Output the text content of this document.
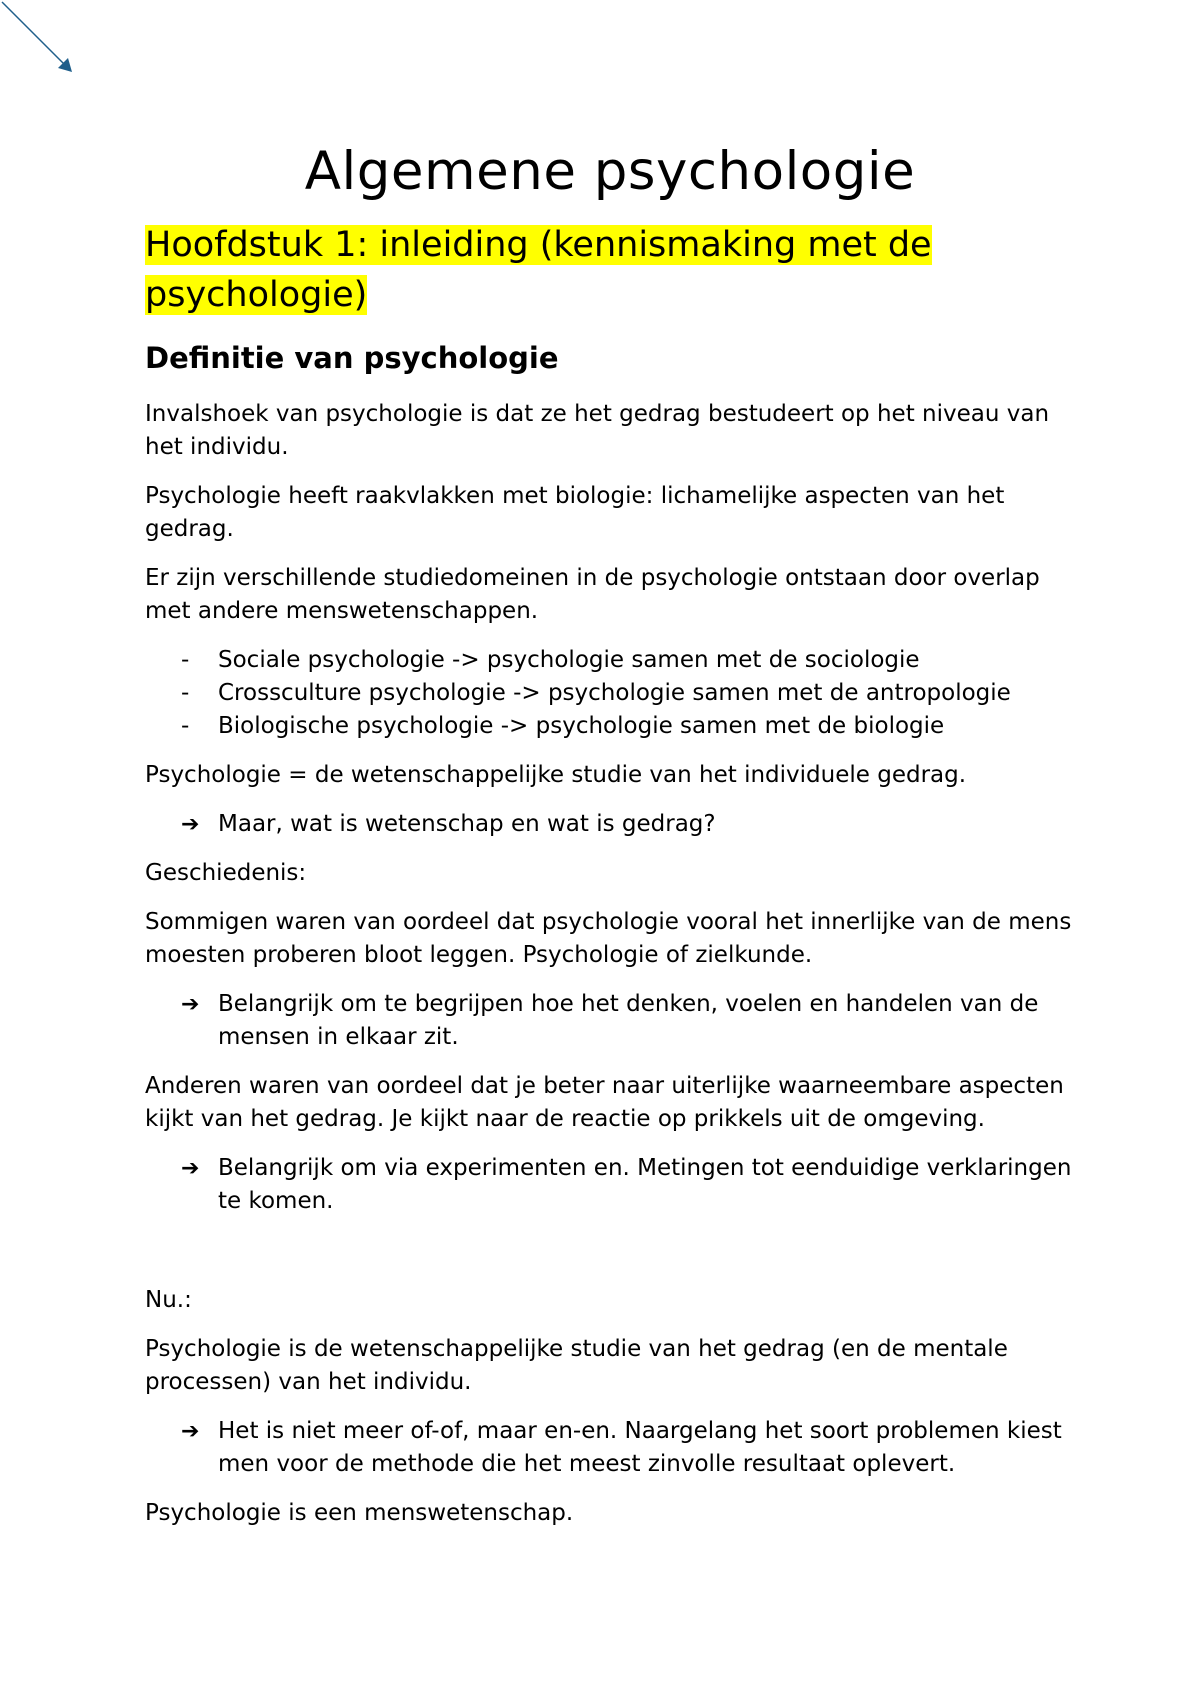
Algemene psychologie
Hoofdstuk 1: inleiding (kennismaking met de
psychologie)
Definitie van psychologie

Invalshoek van psychologie is dat ze het gedrag bestudeert op het niveau van het individu.

Psychologie heeft raakvlakken met biologie: lichamelijke aspecten van het gedrag.

Er zijn verschillende studiedomeinen in de psychologie ontstaan door overlap met andere menswetenschappen.

- Sociale psychologie -> psychologie samen met de sociologie
- Crossculture psychologie -> psychologie samen met de antropologie
- Biologische psychologie -> psychologie samen met de biologie

Psychologie = de wetenschappelijke studie van het individuele gedrag.

➔ Maar, wat is wetenschap en wat is gedrag?

Geschiedenis:

Sommigen waren van oordeel dat psychologie vooral het innerlijke van de mens moesten proberen bloot leggen. Psychologie of zielkunde.

➔ Belangrijk om te begrijpen hoe het denken, voelen en handelen van de mensen in elkaar zit.

Anderen waren van oordeel dat je beter naar uiterlijke waarneembare aspecten kijkt van het gedrag. Je kijkt naar de reactie op prikkels uit de omgeving.

➔ Belangrijk om via experimenten en. Metingen tot eenduidige verklaringen te komen.

Nu.:

Psychologie is de wetenschappelijke studie van het gedrag (en de mentale processen) van het individu.

➔ Het is niet meer of-of, maar en-en. Naargelang het soort problemen kiest men voor de methode die het meest zinvolle resultaat oplevert.

Psychologie is een menswetenschap.
